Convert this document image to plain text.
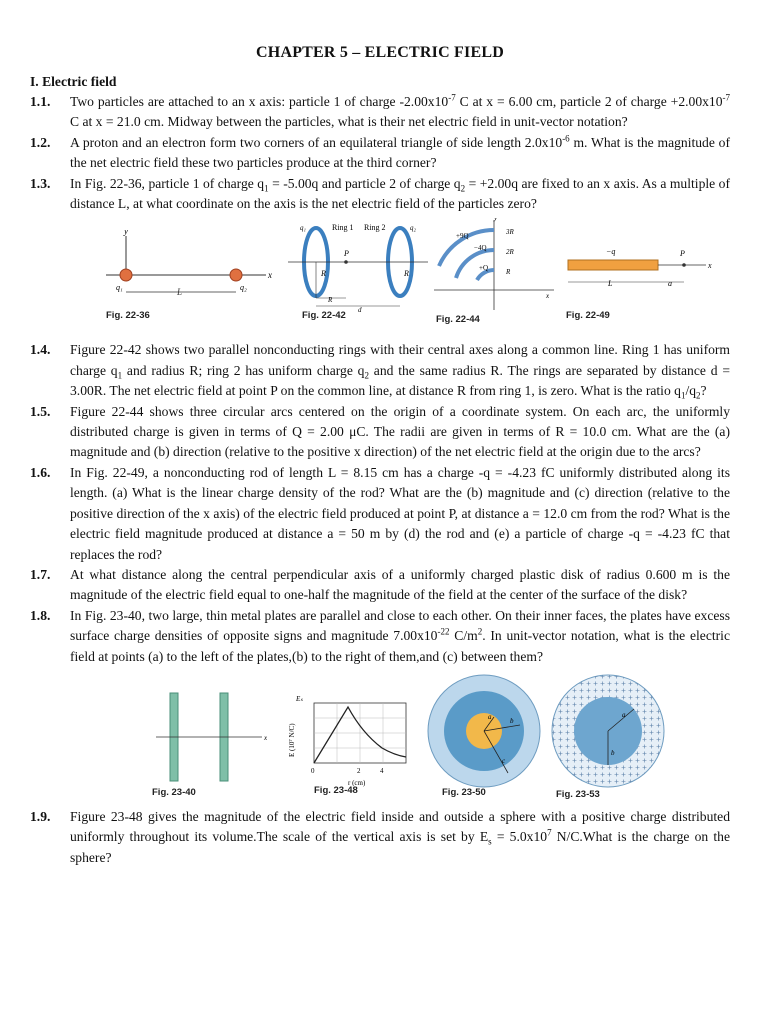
CHAPTER 5 – ELECTRIC FIELD
I. Electric field
1.1.	Two particles are attached to an x axis: particle 1 of charge $-2.00x10^{-7}$ C at x = 6.00 cm, particle 2 of charge $+2.00x10^{-7}$ C at x = 21.0 cm. Midway between the particles, what is their net electric field in unit-vector notation?
1.2.	A proton and an electron form two corners of an equilateral triangle of side length $2.0x10^{-6}$ m. What is the magnitude of the net electric field these two particles produce at the third corner?
1.3.	In Fig. 22-36, particle 1 of charge $q_1 = -5.00q$ and particle 2 of charge $q_2 = +2.00q$ are fixed to an x axis. As a multiple of distance L, at what coordinate on the axis is the net electric field of the particles zero?
y
x
q₁	q₂
L
Fig. 22-36
Ring 1 Ring 2
q₁	q₂
P
R	R
R
d
Fig. 22-42
y
x
+9Q
−4Q
+Q
3R
2R
R
Fig. 22-44
−q	P
x
L	a
Fig. 22-49
1.4.	Figure 22-42 shows two parallel nonconducting rings with their central axes along a common line. Ring 1 has uniform charge $q_1$ and radius R; ring 2 has uniform charge $q_2$ and the same radius R. The rings are separated by distance d = 3.00R. The net electric field at point P on the common line, at distance R from ring 1, is zero. What is the ratio $q_1/q_2$?
1.5.	Figure 22-44 shows three circular arcs centered on the origin of a coordinate system. On each arc, the uniformly distributed charge is given in terms of Q = 2.00 μC. The radii are given in terms of R = 10.0 cm. What are the (a) magnitude and (b) direction (relative to the positive x direction) of the net electric field at the origin due to the arcs?
1.6.	In Fig. 22-49, a nonconducting rod of length L = 8.15 cm has a charge -q = -4.23 fC uniformly distributed along its length. (a) What is the linear charge density of the rod? What are the (b) magnitude and (c) direction (relative to the positive direction of the x axis) of the electric field produced at point P, at distance a = 12.0 cm from the rod? What is the electric field magnitude produced at distance a = 50 m by (d) the rod and (e) a particle of charge -q = -4.23 fC that replaces the rod?
1.7.	At what distance along the central perpendicular axis of a uniformly charged plastic disk of radius 0.600 m is the magnitude of the electric field equal to one-half the magnitude of the field at the center of the surface of the disk?
1.8.	In Fig. 23-40, two large, thin metal plates are parallel and close to each other. On their inner faces, the plates have excess surface charge densities of opposite signs and magnitude $7.00x10^{-22}$ $C/m^2$. In unit-vector notation, what is the electric field at points (a) to the left of the plates,(b) to the right of them,and (c) between them?
x
Fig. 23-40
Eₛ
E (10⁷ N/C)
0	2	4
r (cm)
Fig. 23-48
a	b
c
Fig. 23-50
a
b
Fig. 23-53
1.9.	Figure 23-48 gives the magnitude of the electric field inside and outside a sphere with a positive charge distributed uniformly throughout its volume.The scale of the vertical axis is set by $E_s = 5.0x10^7$ N/C.What is the charge on the sphere?
